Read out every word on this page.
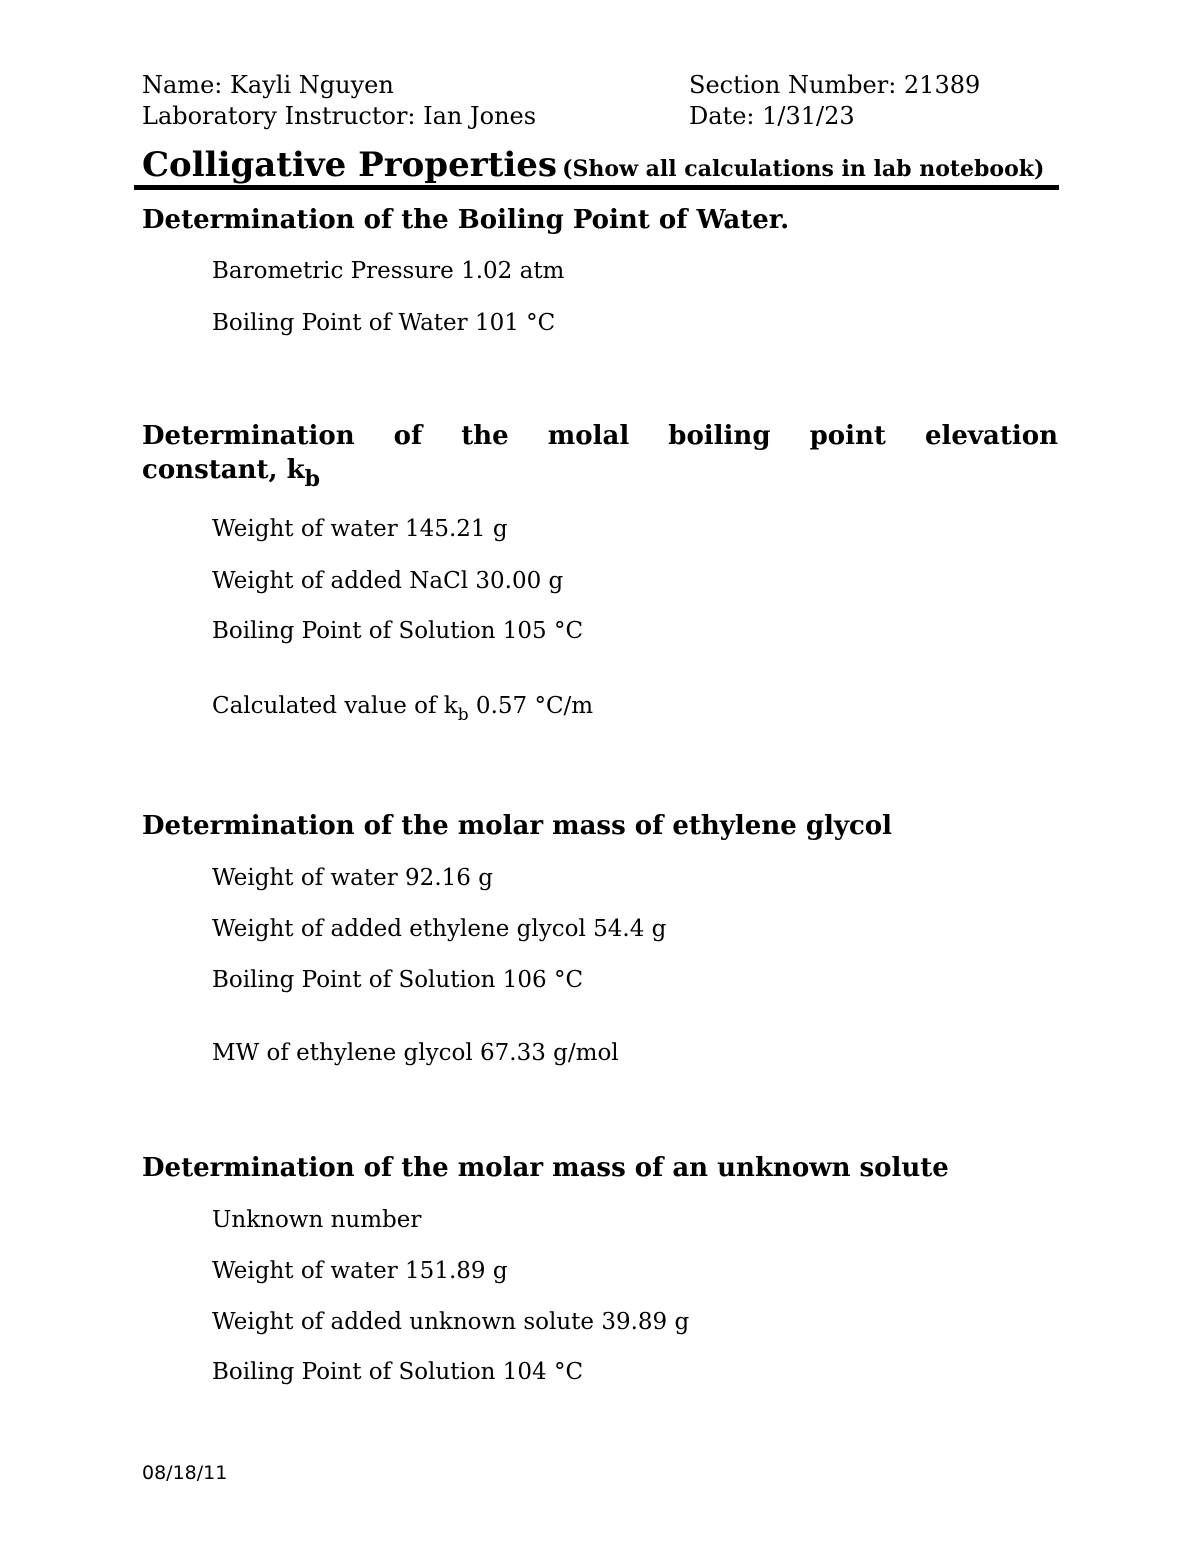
Name: Kayli Nguyen
Laboratory Instructor: Ian Jones
Section Number: 21389
Date: 1/31/23
Colligative Properties (Show all calculations in lab notebook)
Determination of the Boiling Point of Water.
Barometric Pressure 1.02 atm
Boiling Point of Water 101 °C
Determination of the molal boiling point elevation
constant, $k_b$
Weight of water 145.21 g
Weight of added NaCl 30.00 g
Boiling Point of Solution 105 °C
Calculated value of $k_b$ 0.57 °C/m
Determination of the molar mass of ethylene glycol
Weight of water 92.16 g
Weight of added ethylene glycol 54.4 g
Boiling Point of Solution 106 °C
MW of ethylene glycol 67.33 g/mol
Determination of the molar mass of an unknown solute
Unknown number
Weight of water 151.89 g
Weight of added unknown solute 39.89 g
Boiling Point of Solution 104 °C
08/18/11
